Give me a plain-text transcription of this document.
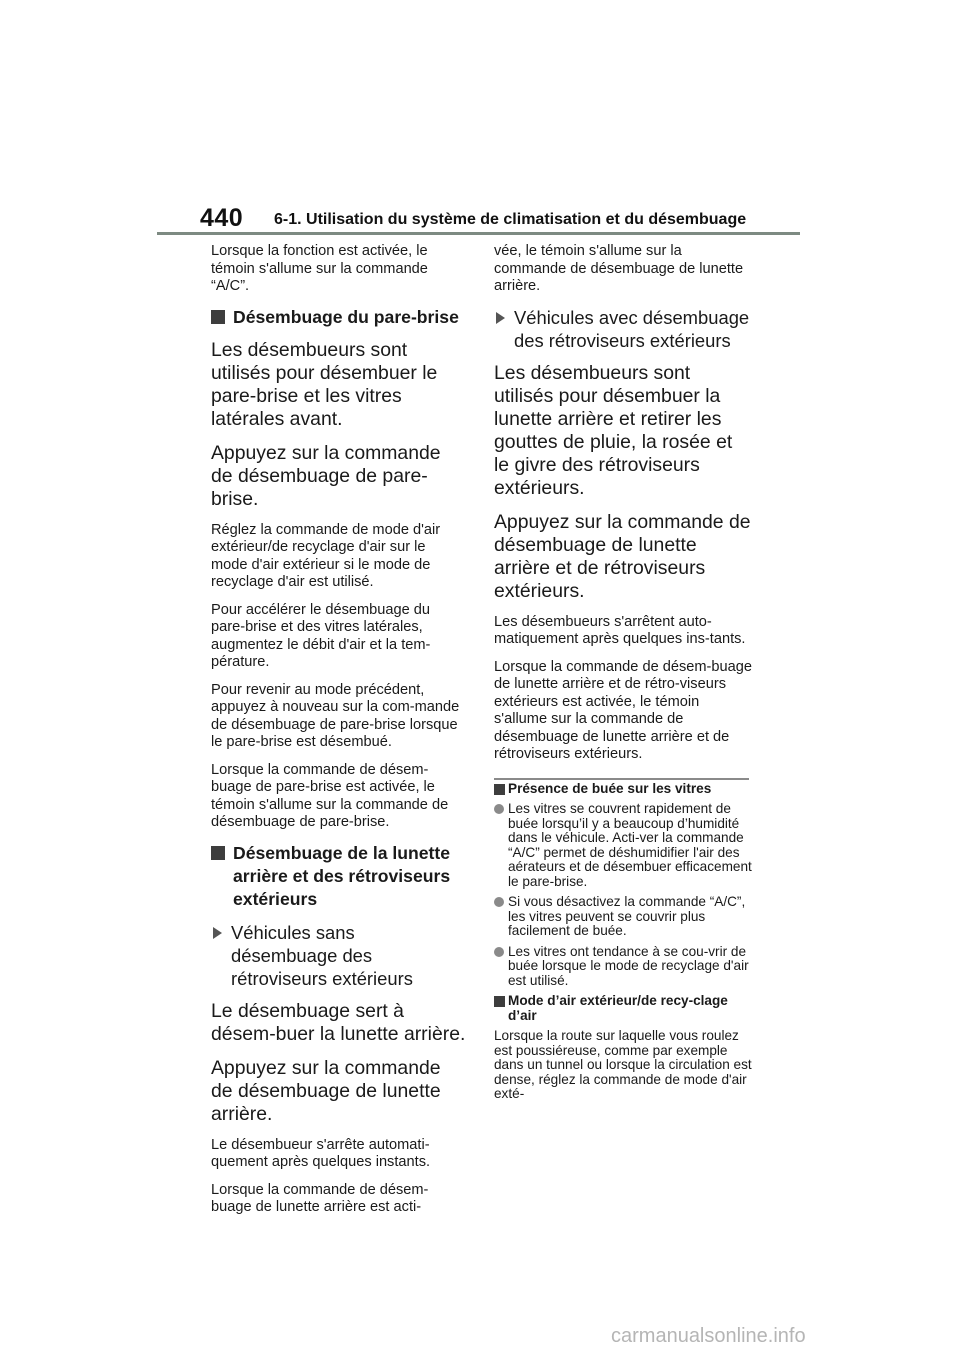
440 6-1. Utilisation du système de climatisation et du désembuage

Lorsque la fonction est activée, le témoin s'allume sur la commande “A/C”.

Désembuage du pare-brise

Les désembueurs sont utilisés pour désembuer le pare-brise et les vitres latérales avant.

Appuyez sur la commande de désembuage de pare-brise.

Réglez la commande de mode d'air extérieur/de recyclage d'air sur le mode d'air extérieur si le mode de recyclage d'air est utilisé.

Pour accélérer le désembuage du pare-brise et des vitres latérales, augmentez le débit d'air et la tem-pérature.

Pour revenir au mode précédent, appuyez à nouveau sur la com-mande de désembuage de pare-brise lorsque le pare-brise est désembué.

Lorsque la commande de désem-buage de pare-brise est activée, le témoin s'allume sur la commande de désembuage de pare-brise.

Désembuage de la lunette arrière et des rétroviseurs extérieurs
Véhicules sans désembuage des rétroviseurs extérieurs

Le désembuage sert à désem-buer la lunette arrière.

Appuyez sur la commande de désembuage de lunette arrière.

Le désembueur s'arrête automati-quement après quelques instants.

Lorsque la commande de désem-buage de lunette arrière est acti-

vée, le témoin s'allume sur la commande de désembuage de lunette arrière.

Véhicules avec désembuage des rétroviseurs extérieurs

Les désembueurs sont utilisés pour désembuer la lunette arrière et retirer les gouttes de pluie, la rosée et le givre des rétroviseurs extérieurs.

Appuyez sur la commande de désembuage de lunette arrière et de rétroviseurs extérieurs.

Les désembueurs s'arrêtent auto-matiquement après quelques ins-tants.

Lorsque la commande de désem-buage de lunette arrière et de rétro-viseurs extérieurs est activée, le témoin s'allume sur la commande de désembuage de lunette arrière et de rétroviseurs extérieurs.

Présence de buée sur les vitres
Les vitres se couvrent rapidement de buée lorsqu’il y a beaucoup d’humidité dans le véhicule. Acti-ver la commande “A/C” permet de déshumidifier l'air des aérateurs et de désembuer efficacement le pare-brise.
Si vous désactivez la commande “A/C”, les vitres peuvent se couvrir plus facilement de buée.
Les vitres ont tendance à se cou-vrir de buée lorsque le mode de recyclage d'air est utilisé.
Mode d’air extérieur/de recy-clage d’air

Lorsque la route sur laquelle vous roulez est poussiéreuse, comme par exemple dans un tunnel ou lorsque la circulation est dense, réglez la commande de mode d'air exté-

carmanualsonline.info
